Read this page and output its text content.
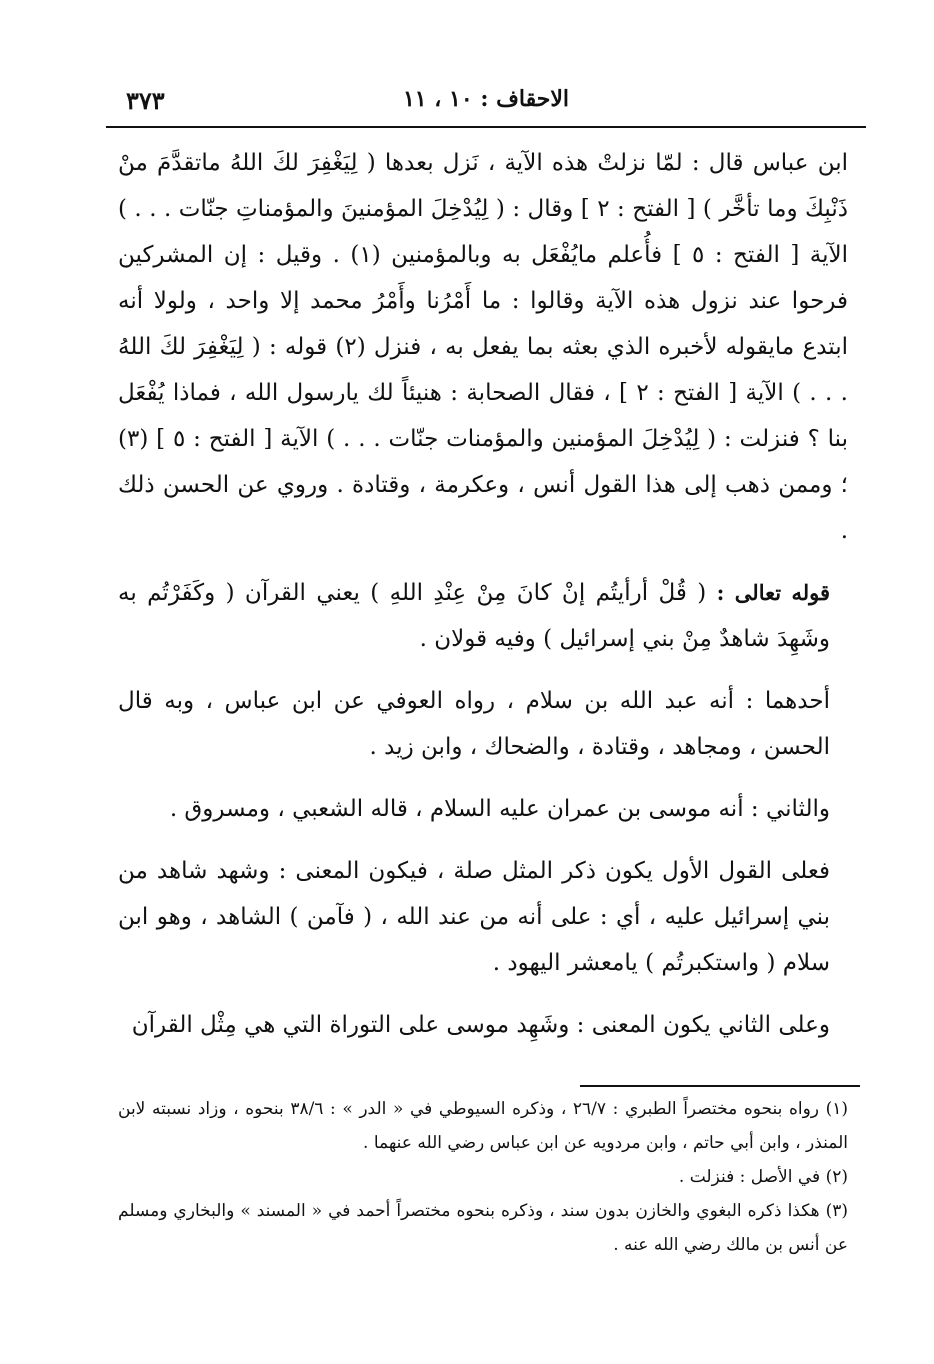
الاحقاف : ١٠ ، ١١
٣٧٣

ابن عباس قال : لمّا نزلتْ هذه الآية ، نَزل بعدها ( لِيَغْفِرَ لكَ اللهُ ماتقدَّمَ منْ ذَنْبِكَ وما تأخَّر ) [ الفتح : ٢ ] وقال : ( لِيُدْخِلَ المؤمنينَ والمؤمناتِ جنّات . . . ) الآية [ الفتح : ٥ ] فأُعلم مايُفْعَل به وبالمؤمنين (١) . وقيل : إن المشركين فرحوا عند نزول هذه الآية وقالوا : ما أَمْرُنا وأَمْرُ محمد إلا واحد ، ولولا أنه ابتدع مايقوله لأخبره الذي بعثه بما يفعل به ، فنزل (٢) قوله : ( لِيَغْفِرَ لكَ اللهُ . . . ) الآية [ الفتح : ٢ ] ، فقال الصحابة : هنيئاً لك يارسول الله ، فماذا يُفْعَل بنا ؟ فنزلت : ( لِيُدْخِلَ المؤمنين والمؤمنات جنّات . . . ) الآية [ الفتح : ٥ ] (٣) ؛ وممن ذهب إلى هذا القول أنس ، وعكرمة ، وقتادة . وروي عن الحسن ذلك .

قوله تعالى : ( قُلْ أرأيتُم إنْ كانَ مِنْ عِنْدِ اللهِ ) يعني القرآن ( وكَفَرْتُم به وشَهِدَ شاهدٌ مِنْ بني إسرائيل ) وفيه قولان .

أحدهما : أنه عبد الله بن سلام ، رواه العوفي عن ابن عباس ، وبه قال الحسن ، ومجاهد ، وقتادة ، والضحاك ، وابن زيد .

والثاني : أنه موسى بن عمران عليه السلام ، قاله الشعبي ، ومسروق .

فعلى القول الأول يكون ذكر المثل صلة ، فيكون المعنى : وشهد شاهد من بني إسرائيل عليه ، أي : على أنه من عند الله ، ( فآمن ) الشاهد ، وهو ابن سلام ( واستكبرتُم ) يامعشر اليهود .

وعلى الثاني يكون المعنى : وشَهِد موسى على التوراة التي هي مِثْل القرآن

(١) رواه بنحوه مختصراً الطبري : ٢٦/٧ ، وذكره السيوطي في « الدر » : ٣٨/٦ بنحوه ، وزاد نسبته لابن المنذر ، وابن أبي حاتم ، وابن مردويه عن ابن عباس رضي الله عنهما .

(٢) في الأصل : فنزلت .

(٣) هكذا ذكره البغوي والخازن بدون سند ، وذكره بنحوه مختصراً أحمد في « المسند » والبخاري ومسلم عن أنس بن مالك رضي الله عنه .
